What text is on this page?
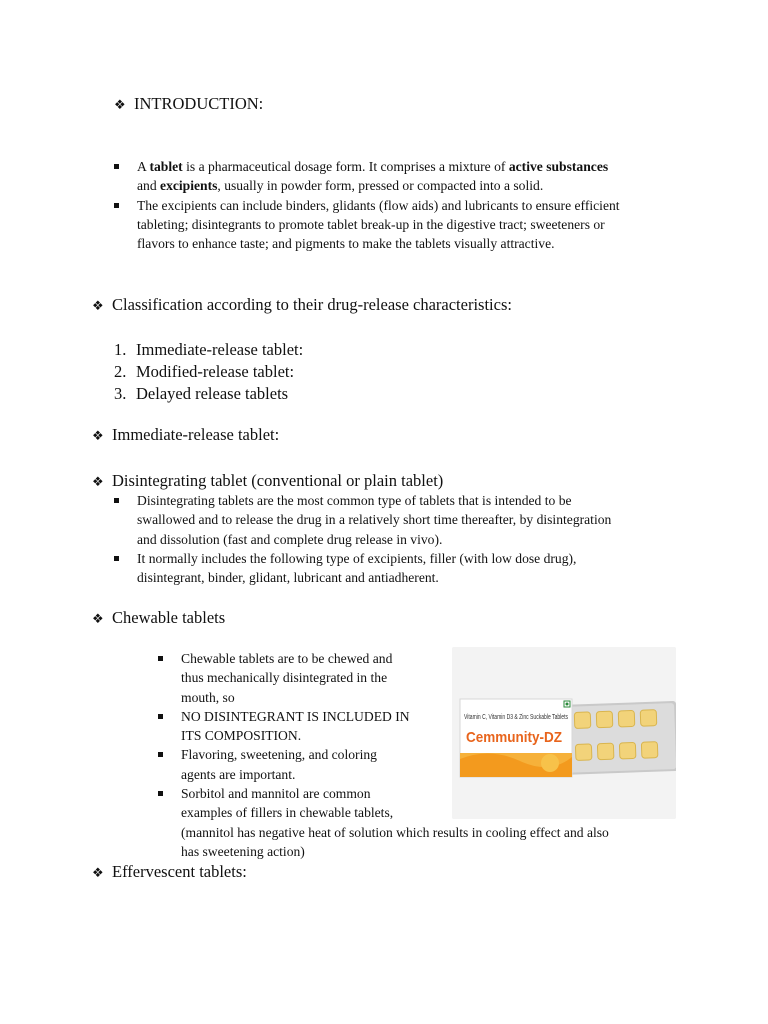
❖ INTRODUCTION:
A tablet is a pharmaceutical dosage form. It comprises a mixture of active substances
and excipients, usually in powder form, pressed or compacted into a solid.
The excipients can include binders, glidants (flow aids) and lubricants to ensure efficient
tableting; disintegrants to promote tablet break-up in the digestive tract; sweeteners or
flavors to enhance taste; and pigments to make the tablets visually attractive.
❖ Classification according to their drug-release characteristics:
1. Immediate-release tablet:
2. Modified-release tablet:
3. Delayed release tablets
❖ Immediate-release tablet:
❖ Disintegrating tablet (conventional or plain tablet)
Disintegrating tablets are the most common type of tablets that is intended to be
swallowed and to release the drug in a relatively short time thereafter, by disintegration
and dissolution (fast and complete drug release in vivo).
It normally includes the following type of excipients, filler (with low dose drug),
disintegrant, binder, glidant, lubricant and antiadherent.
❖ Chewable tablets
Chewable tablets are to be chewed and
thus mechanically disintegrated in the
mouth, so
NO DISINTEGRANT IS INCLUDED IN
ITS COMPOSITION.
Flavoring, sweetening, and coloring
agents are important.
Sorbitol and mannitol are common
examples of fillers in chewable tablets,
(mannitol has negative heat of solution which results in cooling effect and also
has sweetening action)
Vitamin C, Vitamin D3 & Zinc Suckable Tablets
Cemmunity-DZ
❖ Effervescent tablets:
